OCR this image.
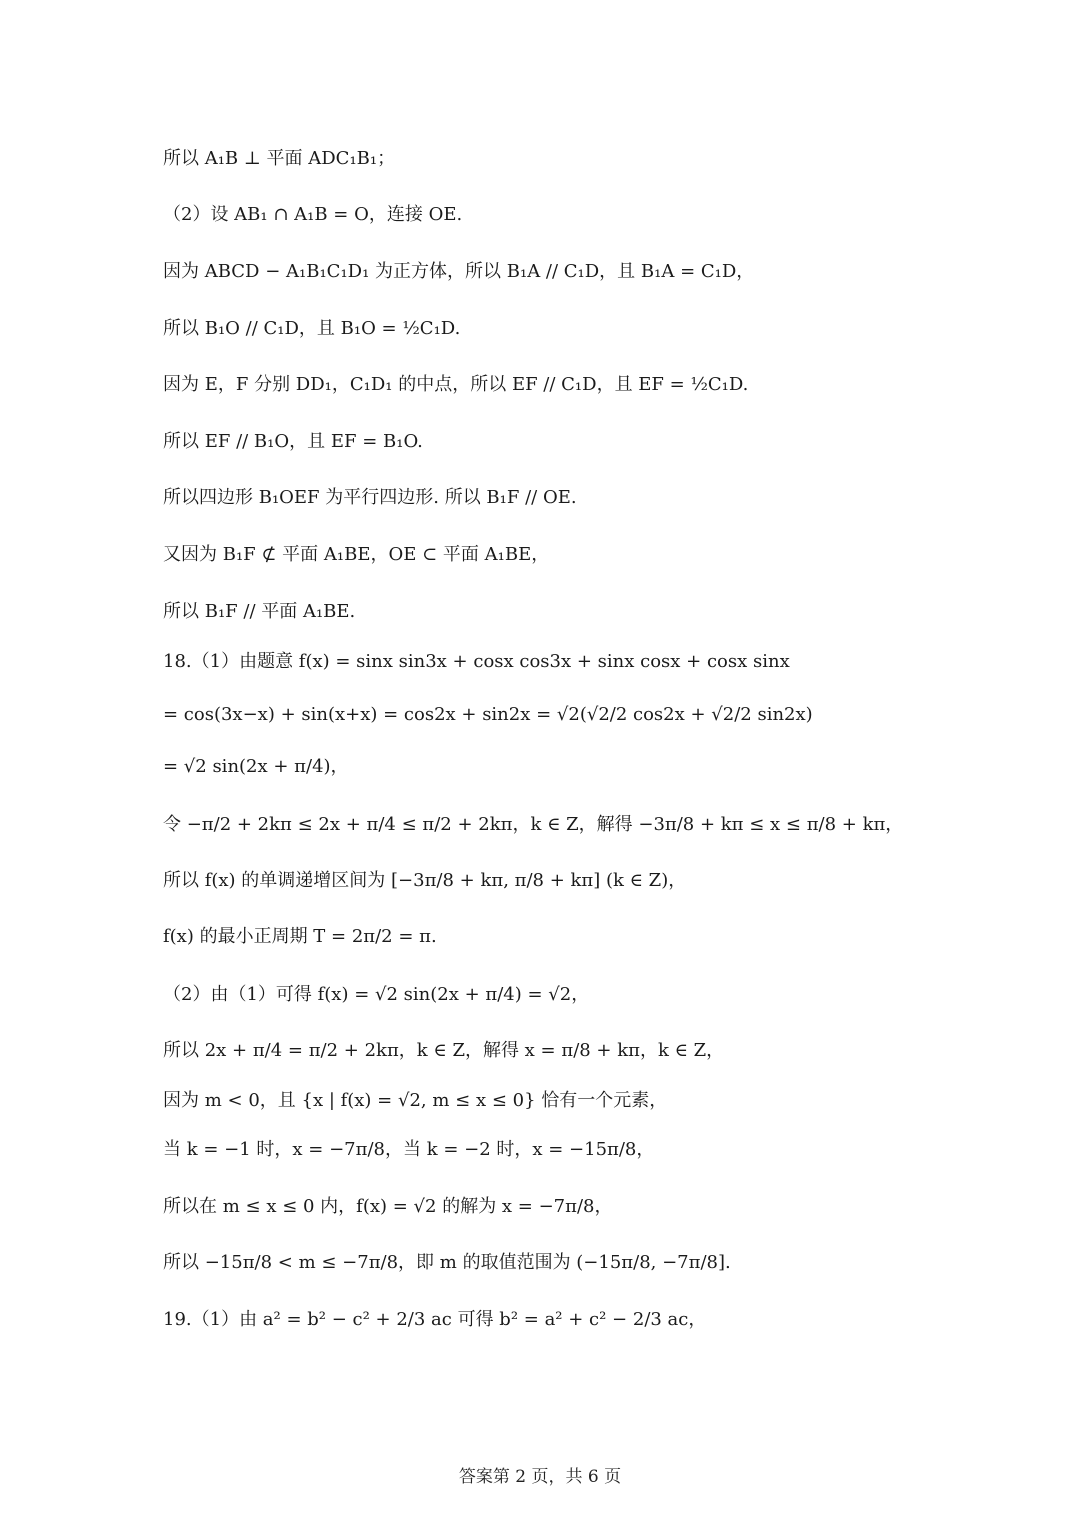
所以 A₁B ⊥ 平面 ADC₁B₁；
（2）设 AB₁ ∩ A₁B = O，连接 OE.
因为 ABCD − A₁B₁C₁D₁ 为正方体，所以 B₁A // C₁D，且 B₁A = C₁D，
所以 B₁O // C₁D，且 B₁O = ½C₁D.
因为 E，F 分别 DD₁，C₁D₁ 的中点，所以 EF // C₁D，且 EF = ½C₁D.
所以 EF // B₁O，且 EF = B₁O.
所以四边形 B₁OEF 为平行四边形. 所以 B₁F // OE.
又因为 B₁F ⊄ 平面 A₁BE，OE ⊂ 平面 A₁BE，
所以 B₁F // 平面 A₁BE.
18.（1）由题意 f(x) = sinx sin3x + cosx cos3x + sinx cosx + cosx sinx
= cos(3x−x) + sin(x+x) = cos2x + sin2x = √2(√2/2 cos2x + √2/2 sin2x)
= √2 sin(2x + π/4)，
令 −π/2 + 2kπ ≤ 2x + π/4 ≤ π/2 + 2kπ，k ∈ Z，解得 −3π/8 + kπ ≤ x ≤ π/8 + kπ，
所以 f(x) 的单调递增区间为 [−3π/8 + kπ, π/8 + kπ] (k ∈ Z)，
f(x) 的最小正周期 T = 2π/2 = π.
（2）由（1）可得 f(x) = √2 sin(2x + π/4) = √2，
所以 2x + π/4 = π/2 + 2kπ，k ∈ Z，解得 x = π/8 + kπ，k ∈ Z，
因为 m < 0，且 {x | f(x) = √2, m ≤ x ≤ 0} 恰有一个元素，
当 k = −1 时，x = −7π/8，当 k = −2 时，x = −15π/8，
所以在 m ≤ x ≤ 0 内，f(x) = √2 的解为 x = −7π/8，
所以 −15π/8 < m ≤ −7π/8，即 m 的取值范围为 (−15π/8, −7π/8].
19.（1）由 a² = b² − c² + 2/3 ac 可得 b² = a² + c² − 2/3 ac，
答案第 2 页，共 6 页
